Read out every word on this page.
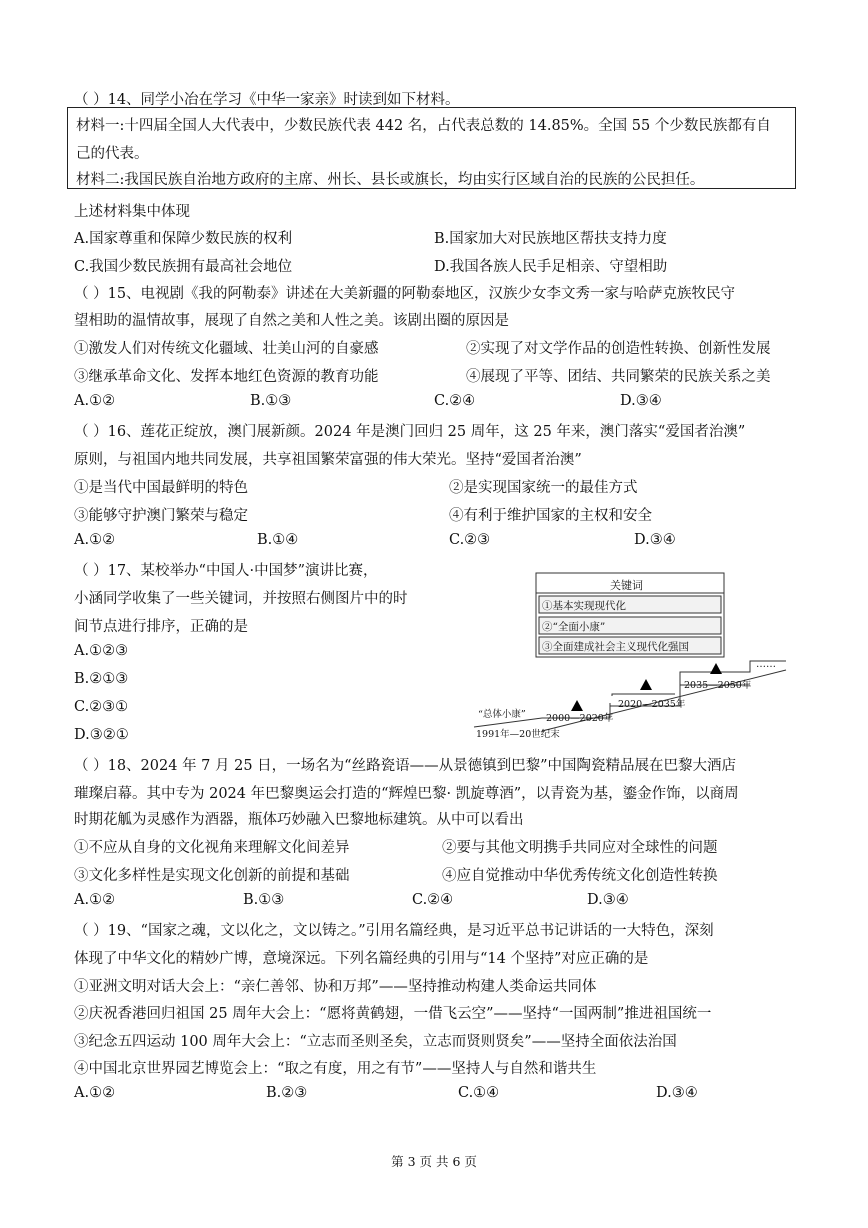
（ ）14、同学小冶在学习《中华一家亲》时读到如下材料。
材料一:十四届全国人大代表中，少数民族代表 442 名，占代表总数的 14.85%。全国 55 个少数民族都有自
己的代表。
材料二:我国民族自治地方政府的主席、州长、县长或旗长，均由实行区域自治的民族的公民担任。
上述材料集中体现
A.国家尊重和保障少数民族的权利	B.国家加大对民族地区帮扶支持力度
C.我国少数民族拥有最高社会地位	D.我国各族人民手足相亲、守望相助
（ ）15、电视剧《我的阿勒泰》讲述在大美新疆的阿勒泰地区，汉族少女李文秀一家与哈萨克族牧民守
望相助的温情故事，展现了自然之美和人性之美。该剧出圈的原因是
①激发人们对传统文化疆域、壮美山河的自豪感	②实现了对文学作品的创造性转换、创新性发展
③继承革命文化、发挥本地红色资源的教育功能	④展现了平等、团结、共同繁荣的民族关系之美
A.①②	B.①③	C.②④	D.③④
（ ）16、莲花正绽放，澳门展新颜。2024 年是澳门回归 25 周年，这 25 年来，澳门落实“爱国者治澳”
原则，与祖国内地共同发展，共享祖国繁荣富强的伟大荣光。坚持“爱国者治澳”
①是当代中国最鲜明的特色	②是实现国家统一的最佳方式
③能够守护澳门繁荣与稳定	④有利于维护国家的主权和安全
A.①②	B.①④	C.②③	D.③④
（ ）17、某校举办“中国人·中国梦”演讲比赛，
小涵同学收集了一些关键词，并按照右侧图片中的时
间节点进行排序，正确的是
A.①②③
B.②①③
C.②③①
D.③②①
关键词
①基本实现现代化
②“全面小康”
③全面建成社会主义现代化强国
“总体小康”
1991年—20世纪末
2000—2020年
2020—2035年
2035—2050年
……
（ ）18、2024 年 7 月 25 日，一场名为“丝路瓷语——从景德镇到巴黎”中国陶瓷精品展在巴黎大酒店
璀璨启幕。其中专为 2024 年巴黎奥运会打造的“辉煌巴黎· 凯旋尊酒”，以青瓷为基，鎏金作饰，以商周
时期花觚为灵感作为酒器，瓶体巧妙融入巴黎地标建筑。从中可以看出
①不应从自身的文化视角来理解文化间差异	②要与其他文明携手共同应对全球性的问题
③文化多样性是实现文化创新的前提和基础	④应自觉推动中华优秀传统文化创造性转换
A.①②	B.①③	C.②④	D.③④
（ ）19、“国家之魂，文以化之，文以铸之。”引用名篇经典，是习近平总书记讲话的一大特色，深刻
体现了中华文化的精妙广博，意境深远。下列名篇经典的引用与“14 个坚持”对应正确的是
①亚洲文明对话大会上：“亲仁善邻、协和万邦”——坚持推动构建人类命运共同体
②庆祝香港回归祖国 25 周年大会上：“愿将黄鹤翅，一借飞云空”——坚持“一国两制”推进祖国统一
③纪念五四运动 100 周年大会上：“立志而圣则圣矣，立志而贤则贤矣”——坚持全面依法治国
④中国北京世界园艺博览会上：“取之有度，用之有节”——坚持人与自然和谐共生
A.①②	B.②③	C.①④	D.③④
第 3 页 共 6 页
